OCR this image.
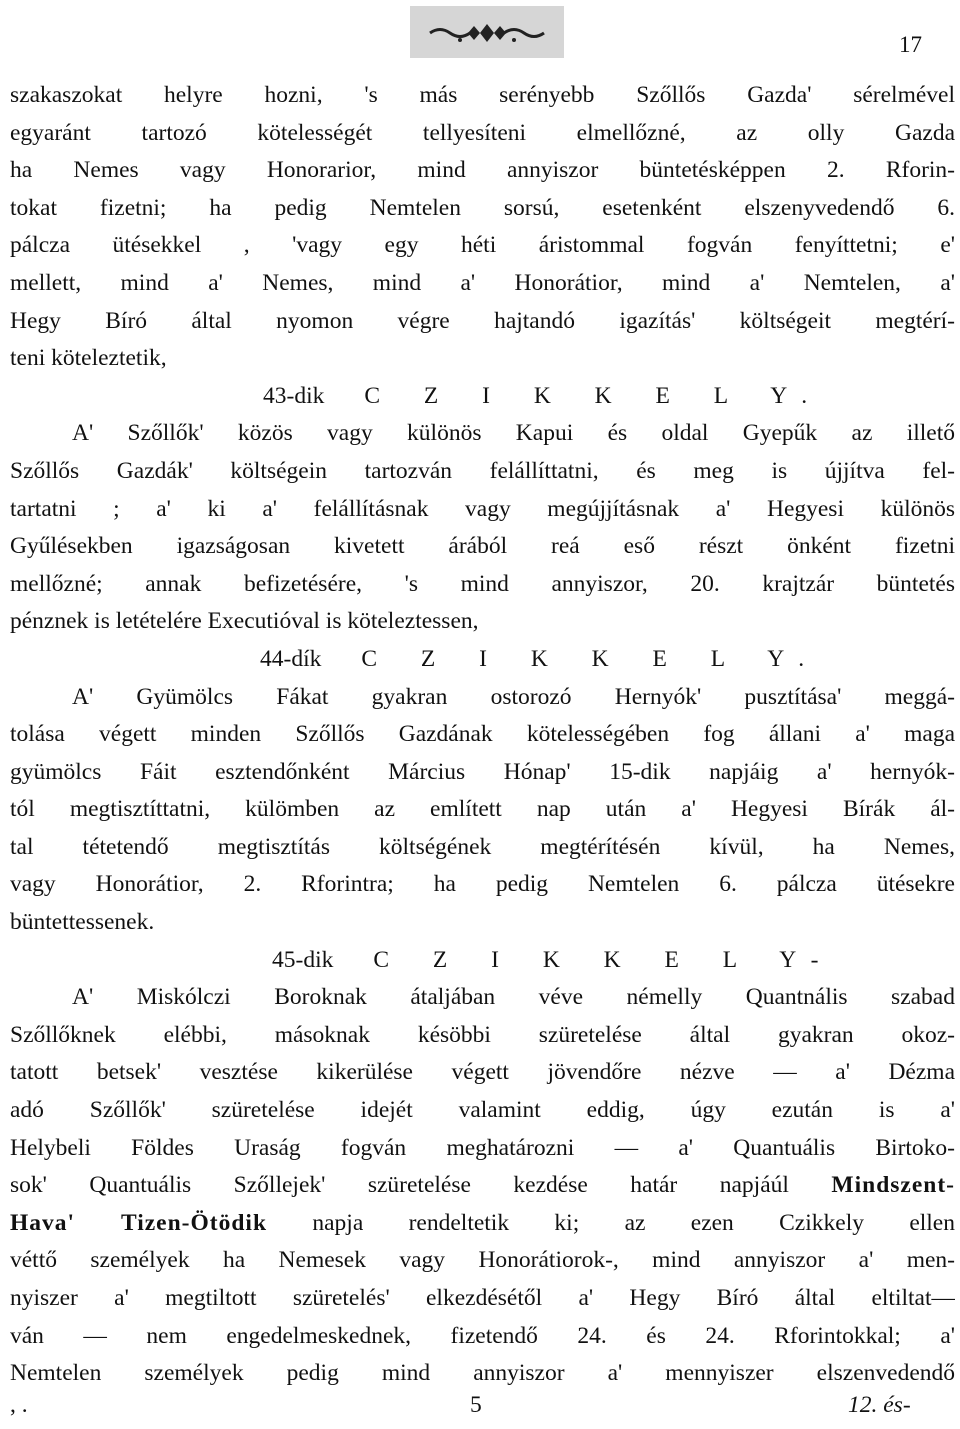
17
szakaszokat helyre hozni, 's más serényebb Szőllős Gazda' sérelmével
egyaránt tartozó kötelességét tellyesíteni elmellőzné, az olly Gazda
ha Nemes vagy Honorarior, mind annyiszor büntetésképpen 2. Rforin-
tokat fizetni; ha pedig Nemtelen sorsú, esetenként elszenyvedendő 6.
pálcza ütésekkel , 'vagy egy héti áristommal fogván fenyíttetni; e'
mellett, mind a' Nemes, mind a' Honorátior, mind a' Nemtelen, a'
Hegy Bíró által nyomon végre hajtandó igazítás' költségeit megtérí-
teni köteleztetik,
43-dik C Z I K K E L Y.
A' Szőllők' közös vagy különös Kapui és oldal Gyepűk az illető
Szőllős Gazdák' költségein tartozván felállíttatni, és meg is újjítva fel-
tartatni ; a' ki a' felállításnak vagy megújjításnak a' Hegyesi különös
Gyűlésekben igazságosan kivetett árából reá eső részt önként fizetni
mellőzné; annak befizetésére, 's mind annyiszor, 20. krajtzár büntetés
pénznek is letételére Executióval is köteleztessen,
44-dík C Z I K K E L Y.
A' Gyümölcs Fákat gyakran ostorozó Hernyók' pusztítása' meggá-
tolása végett minden Szőllős Gazdának kötelességében fog állani a' maga
gyümölcs Fáit esztendőnként Március Hónap' 15-dik napjáig a' hernyók-
tól megtisztíttatni, külömben az említett nap után a' Hegyesi Bírák ál-
tal tétetendő megtisztítás költségének megtérítésén kívül, ha Nemes,
vagy Honorátior, 2. Rforintra; ha pedig Nemtelen 6. pálcza ütésekre
büntettessenek.
45-dik C Z I K K E L Y-
A' Miskólczi Boroknak átaljában véve némelly Quantnális szabad
Szőllőknek elébbi, másoknak késöbbi szüretelése által gyakran okoz-
tatott betsek' vesztése kikerülése végett jövendőre nézve — a' Dézma
adó Szőllők' szüretelése idejét valamint eddig, úgy ezután is a'
Helybeli Földes Uraság fogván meghatározni — a' Quantuális Birtoko-
sok' Quantuális Szőllejek' szüretelése kezdése határ napjáúl Mindszent-
Hava' Tizen-Ötödik napja rendeltetik ki; az ezen Czikkely ellen
véttő személyek ha Nemesek vagy Honorátiorok-, mind annyiszor a' men-
nyiszer a' megtiltott szüretelés' elkezdésétől a' Hegy Bíró által eltiltat—
ván — nem engedelmeskednek, fizetendő 24. és 24. Rforintokkal; a'
Nemtelen személyek pedig mind annyiszor a' mennyiszer elszenvedendő
, .	5	12. és-
